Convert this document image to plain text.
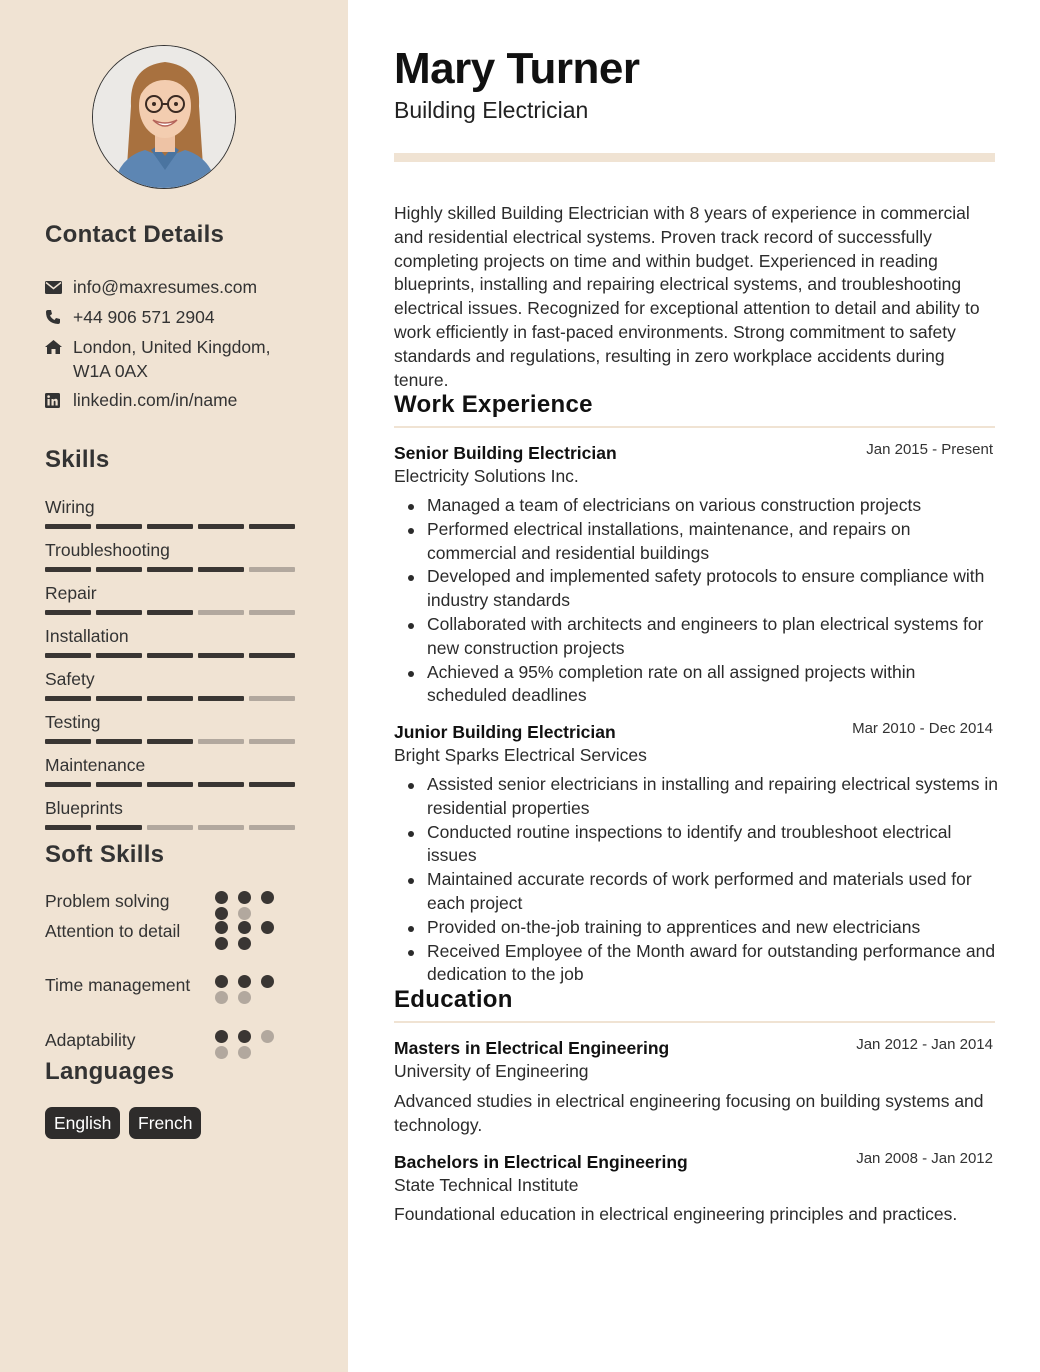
Contact Details
info@maxresumes.com
+44 906 571 2904
London, United Kingdom, W1A 0AX
linkedin.com/in/name
Skills
Wiring
Troubleshooting
Repair
Installation
Safety
Testing
Maintenance
Blueprints
Soft Skills
Problem solving
Attention to detail
Time management
Adaptability
Languages
English	French
Mary Turner
Building Electrician
Highly skilled Building Electrician with 8 years of experience in commercial and residential electrical systems. Proven track record of successfully completing projects on time and within budget. Experienced in reading blueprints, installing and repairing electrical systems, and troubleshooting electrical issues. Recognized for exceptional attention to detail and ability to work efficiently in fast-paced environments. Strong commitment to safety standards and regulations, resulting in zero workplace accidents during tenure.
Work Experience
Senior Building Electrician	Jan 2015 - Present
Electricity Solutions Inc.
Managed a team of electricians on various construction projects
Performed electrical installations, maintenance, and repairs on commercial and residential buildings
Developed and implemented safety protocols to ensure compliance with industry standards
Collaborated with architects and engineers to plan electrical systems for new construction projects
Achieved a 95% completion rate on all assigned projects within scheduled deadlines
Junior Building Electrician	Mar 2010 - Dec 2014
Bright Sparks Electrical Services
Assisted senior electricians in installing and repairing electrical systems in residential properties
Conducted routine inspections to identify and troubleshoot electrical issues
Maintained accurate records of work performed and materials used for each project
Provided on-the-job training to apprentices and new electricians
Received Employee of the Month award for outstanding performance and dedication to the job
Education
Masters in Electrical Engineering	Jan 2012 - Jan 2014
University of Engineering
Advanced studies in electrical engineering focusing on building systems and technology.
Bachelors in Electrical Engineering	Jan 2008 - Jan 2012
State Technical Institute
Foundational education in electrical engineering principles and practices.
